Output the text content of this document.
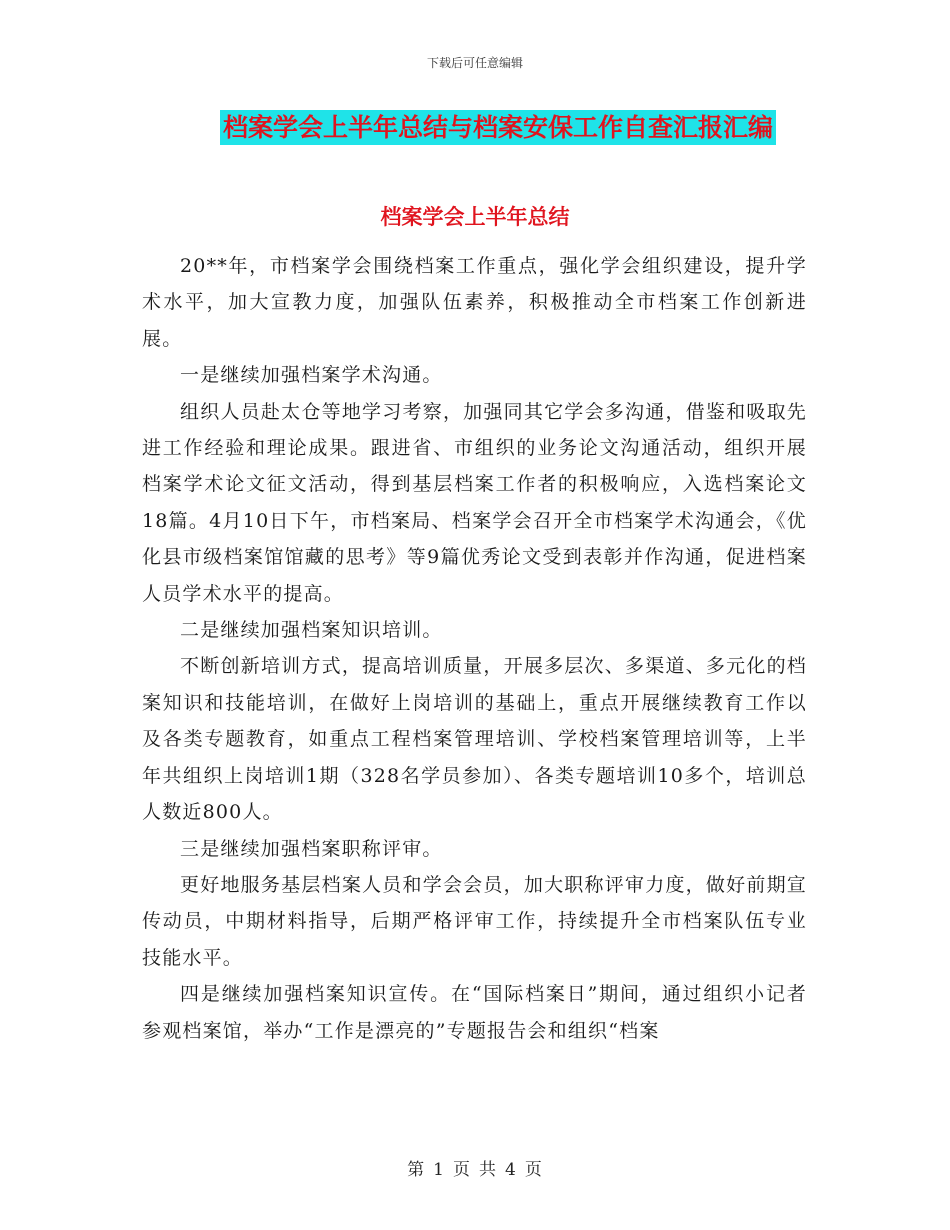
下载后可任意编辑
档案学会上半年总结与档案安保工作自查汇报汇编
档案学会上半年总结

20**年，市档案学会围绕档案工作重点，强化学会组织建设，提升学术水平，加大宣教力度，加强队伍素养，积极推动全市档案工作创新进展。

一是继续加强档案学术沟通。

组织人员赴太仓等地学习考察，加强同其它学会多沟通，借鉴和吸取先进工作经验和理论成果。跟进省、市组织的业务论文沟通活动，组织开展档案学术论文征文活动，得到基层档案工作者的积极响应，入选档案论文18篇。4月10日下午，市档案局、档案学会召开全市档案学术沟通会，《优化县市级档案馆馆藏的思考》等9篇优秀论文受到表彰并作沟通，促进档案人员学术水平的提高。

二是继续加强档案知识培训。

不断创新培训方式，提高培训质量，开展多层次、多渠道、多元化的档案知识和技能培训，在做好上岗培训的基础上，重点开展继续教育工作以及各类专题教育，如重点工程档案管理培训、学校档案管理培训等，上半年共组织上岗培训1期（328名学员参加）、各类专题培训10多个，培训总人数近800人。

三是继续加强档案职称评审。

更好地服务基层档案人员和学会会员，加大职称评审力度，做好前期宣传动员，中期材料指导，后期严格评审工作，持续提升全市档案队伍专业技能水平。

四是继续加强档案知识宣传。在“国际档案日”期间，通过组织小记者参观档案馆，举办“工作是漂亮的”专题报告会和组织“档案

第 1 页 共 4 页
